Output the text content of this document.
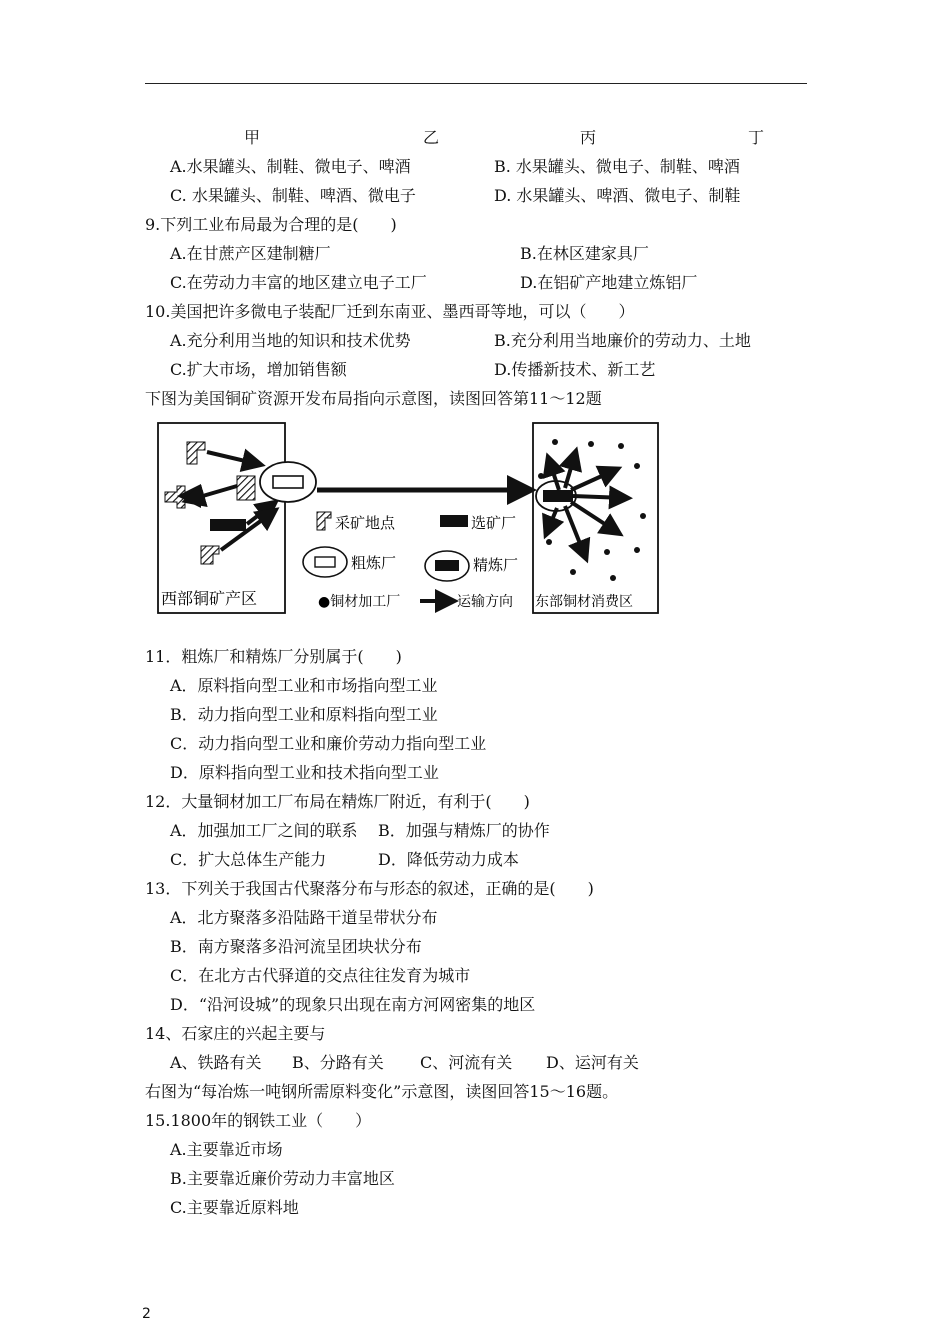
甲	乙	丙	丁
A.水果罐头、制鞋、微电子、啤酒	B. 水果罐头、微电子、制鞋、啤酒
C. 水果罐头、制鞋、啤酒、微电子	D. 水果罐头、啤酒、微电子、制鞋
9.下列工业布局最为合理的是(　　)
A.在甘蔗产区建制糖厂	B.在林区建家具厂
C.在劳动力丰富的地区建立电子工厂	D.在铝矿产地建立炼铝厂
10.美国把许多微电子装配厂迁到东南亚、墨西哥等地，可以（　　）
A.充分利用当地的知识和技术优势	B.充分利用当地廉价的劳动力、土地
C.扩大市场，增加销售额	D.传播新技术、新工艺
下图为美国铜矿资源开发布局指向示意图，读图回答第11～12题
采矿地点	选矿厂
粗炼厂	精炼厂
●铜材加工厂	运输方向
西部铜矿产区	东部铜材消费区
11．粗炼厂和精炼厂分别属于(　　)
A．原料指向型工业和市场指向型工业
B．动力指向型工业和原料指向型工业
C．动力指向型工业和廉价劳动力指向型工业
D．原料指向型工业和技术指向型工业
12．大量铜材加工厂布局在精炼厂附近，有利于(　　)
A．加强加工厂之间的联系 B．加强与精炼厂的协作
C．扩大总体生产能力	D．降低劳动力成本
13．下列关于我国古代聚落分布与形态的叙述，正确的是(　　)
A．北方聚落多沿陆路干道呈带状分布
B．南方聚落多沿河流呈团块状分布
C．在北方古代驿道的交点往往发育为城市
D．“沿河设城”的现象只出现在南方河网密集的地区
14、石家庄的兴起主要与
A、铁路有关 B、分路有关 C、河流有关 D、运河有关
右图为“每冶炼一吨钢所需原料变化”示意图，读图回答15～16题。
15.1800年的钢铁工业（　　）
A.主要靠近市场
B.主要靠近廉价劳动力丰富地区
C.主要靠近原料地
2
